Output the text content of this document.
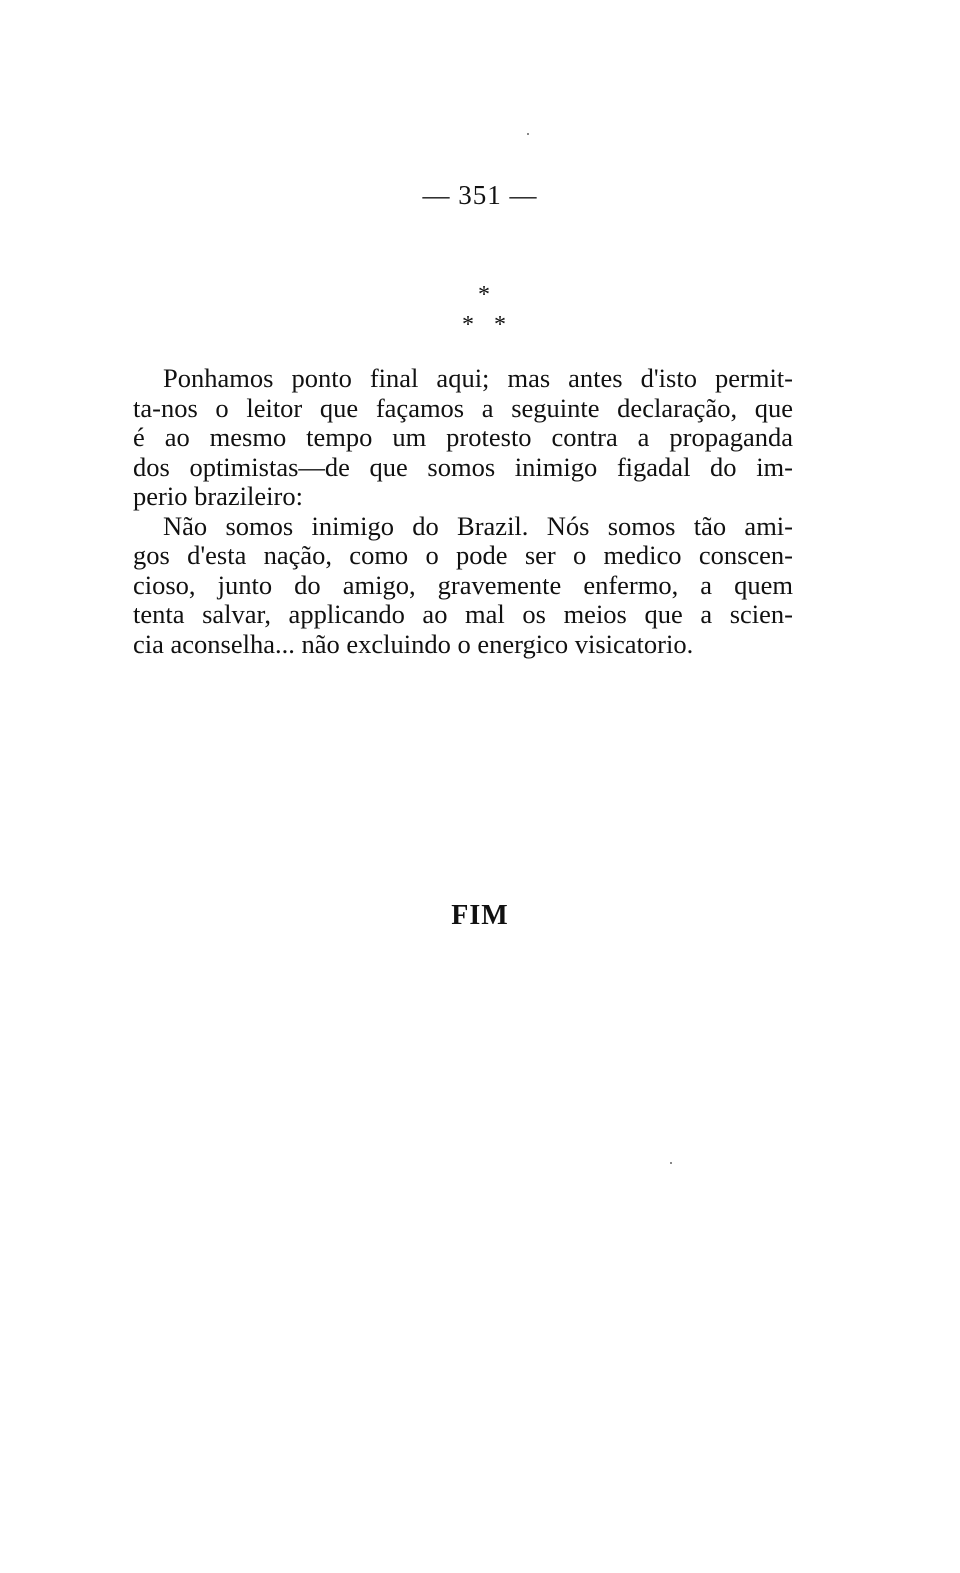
— 351 —
*
* *
Ponhamos ponto final aqui; mas antes d'isto permit-
ta-nos o leitor que façamos a seguinte declaração, que
é ao mesmo tempo um protesto contra a propaganda
dos optimistas—de que somos inimigo figadal do im-
perio brazileiro:
Não somos inimigo do Brazil. Nós somos tão ami-
gos d'esta nação, como o pode ser o medico conscen-
cioso, junto do amigo, gravemente enfermo, a quem
tenta salvar, applicando ao mal os meios que a scien-
cia aconselha... não excluindo o energico visicatorio.
FIM
